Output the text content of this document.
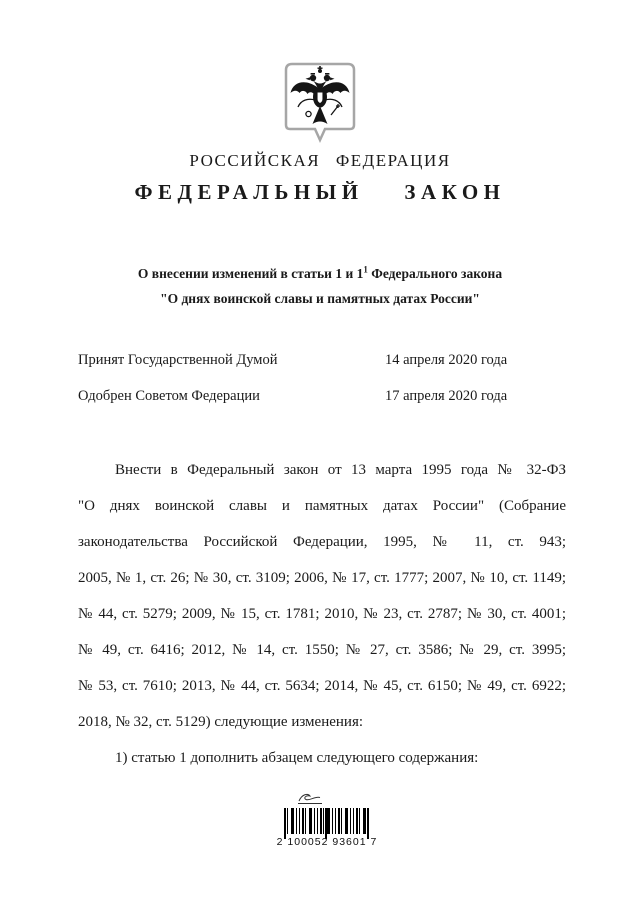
РОССИЙСКАЯ ФЕДЕРАЦИЯ
ФЕДЕРАЛЬНЫЙ ЗАКОН
О внесении изменений в статьи 1 и $1^1$ Федерального закона
"О днях воинской славы и памятных датах России"
Принят Государственной Думой	14 апреля 2020 года
Одобрен Советом Федерации	17 апреля 2020 года
Внести в Федеральный закон от 13 марта 1995 года № 32-ФЗ
"О днях воинской славы и памятных датах России" (Собрание
законодательства Российской Федерации, 1995, № 11, ст. 943;
2005, № 1, ст. 26; № 30, ст. 3109; 2006, № 17, ст. 1777; 2007, № 10, ст. 1149;
№ 44, ст. 5279; 2009, № 15, ст. 1781; 2010, № 23, ст. 2787; № 30, ст. 4001;
№ 49, ст. 6416; 2012, № 14, ст. 1550; № 27, ст. 3586; № 29, ст. 3995;
№ 53, ст. 7610; 2013, № 44, ст. 5634; 2014, № 45, ст. 6150; № 49, ст. 6922;
2018, № 32, ст. 5129) следующие изменения:
1) статью 1 дополнить абзацем следующего содержания:
2 100052 93601 7
